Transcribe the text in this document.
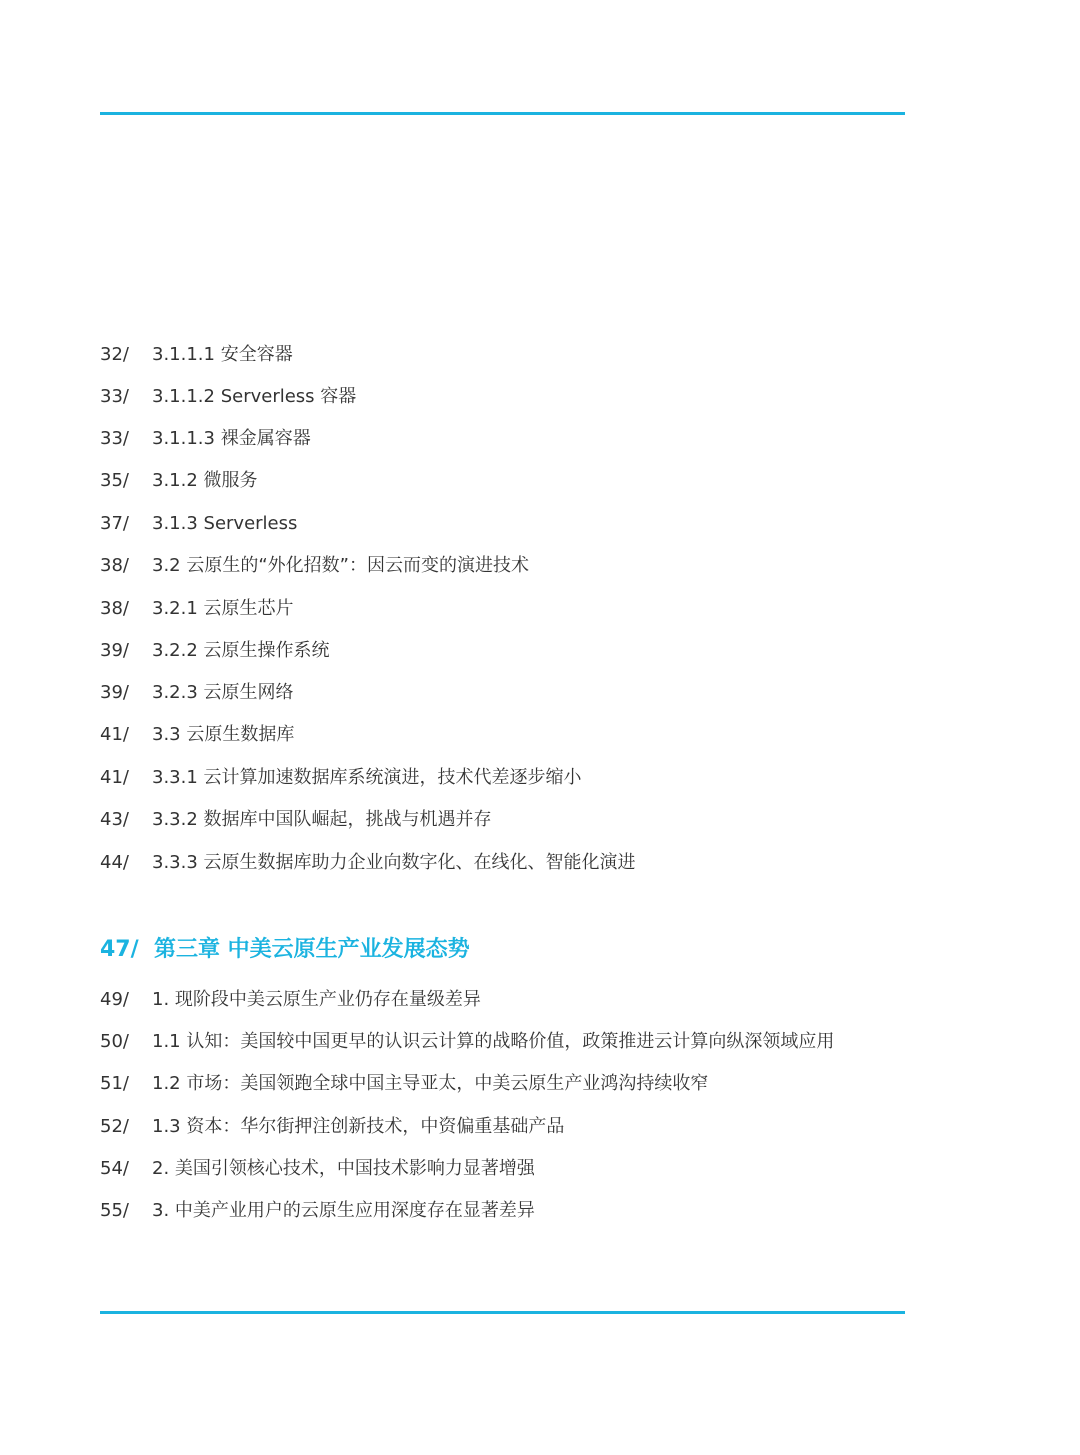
32/ 3.1.1.1 安全容器
33/ 3.1.1.2 Serverless 容器
33/ 3.1.1.3 裸金属容器
35/ 3.1.2 微服务
37/ 3.1.3 Serverless
38/ 3.2 云原生的“外化招数”：因云而变的演进技术
38/ 3.2.1 云原生芯片
39/ 3.2.2 云原生操作系统
39/ 3.2.3 云原生网络
41/ 3.3 云原生数据库
41/ 3.3.1 云计算加速数据库系统演进，技术代差逐步缩小
43/ 3.3.2 数据库中国队崛起，挑战与机遇并存
44/ 3.3.3 云原生数据库助力企业向数字化、在线化、智能化演进
47/ 第三章 中美云原生产业发展态势
49/ 1. 现阶段中美云原生产业仍存在量级差异
50/ 1.1 认知：美国较中国更早的认识云计算的战略价值，政策推进云计算向纵深领域应用
51/ 1.2 市场：美国领跑全球中国主导亚太，中美云原生产业鸿沟持续收窄
52/ 1.3 资本：华尔街押注创新技术，中资偏重基础产品
54/ 2. 美国引领核心技术，中国技术影响力显著增强
55/ 3. 中美产业用户的云原生应用深度存在显著差异
